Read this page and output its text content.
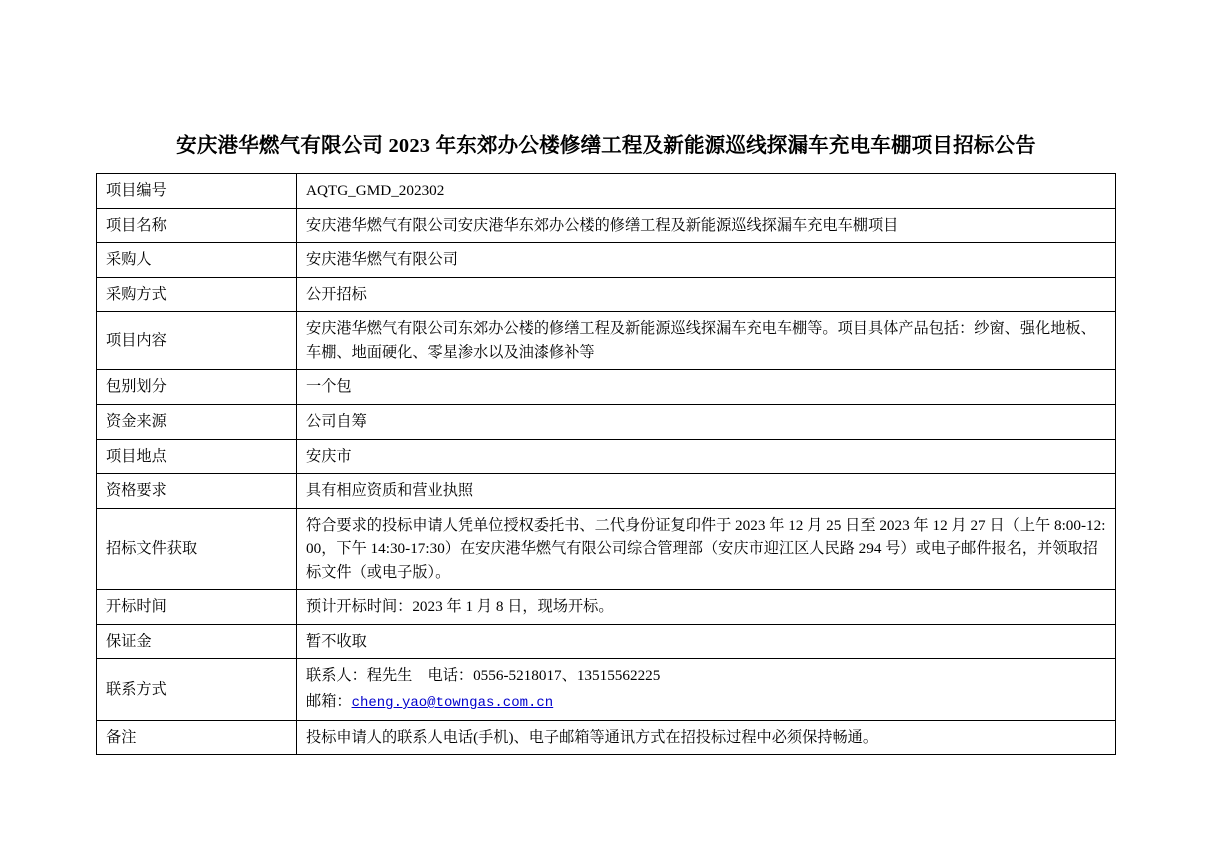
安庆港华燃气有限公司 2023 年东郊办公楼修缮工程及新能源巡线探漏车充电车棚项目招标公告
项目编号	AQTG_GMD_202302
项目名称	安庆港华燃气有限公司安庆港华东郊办公楼的修缮工程及新能源巡线探漏车充电车棚项目
采购人	安庆港华燃气有限公司
采购方式	公开招标
项目内容	安庆港华燃气有限公司东郊办公楼的修缮工程及新能源巡线探漏车充电车棚等。项目具体产品包括：纱窗、强化地板、车棚、地面硬化、零星渗水以及油漆修补等
包别划分	一个包
资金来源	公司自筹
项目地点	安庆市
资格要求	具有相应资质和营业执照
招标文件获取	符合要求的投标申请人凭单位授权委托书、二代身份证复印件于 2023 年 12 月 25 日至 2023 年 12 月 27 日（上午 8:00-12:00，下午 14:30-17:30）在安庆港华燃气有限公司综合管理部（安庆市迎江区人民路 294 号）或电子邮件报名，并领取招标文件（或电子版）。
开标时间	预计开标时间：2023 年 1 月 8 日，现场开标。
保证金	暂不收取
联系方式	联系人：程先生　电话：0556-5218017、13515562225
邮箱：cheng.yao@towngas.com.cn

备注	投标申请人的联系人电话(手机)、电子邮箱等通讯方式在招投标过程中必须保持畅通。
